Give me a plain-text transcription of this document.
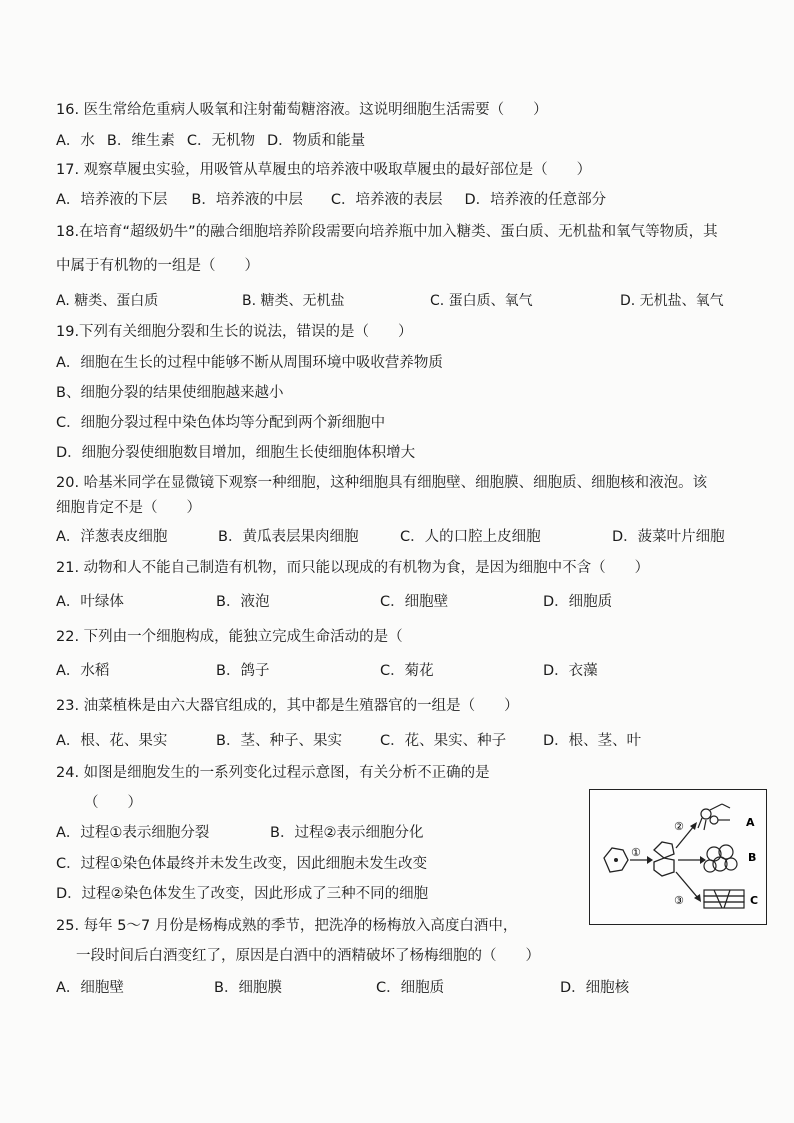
16. 医生常给危重病人吸氧和注射葡萄糖溶液。这说明细胞生活需要（　　）
A．水 B．维生素 C．无机物 D．物质和能量
17. 观察草履虫实验，用吸管从草履虫的培养液中吸取草履虫的最好部位是（　　）
A．培养液的下层 B．培养液的中层 C．培养液的表层 D．培养液的任意部分
18.在培育“超级奶牛”的融合细胞培养阶段需要向培养瓶中加入糖类、蛋白质、无机盐和氧气等物质，其
中属于有机物的一组是（　　）
A. 糖类、蛋白质	B. 糖类、无机盐	C. 蛋白质、氧气	D. 无机盐、氧气
19.下列有关细胞分裂和生长的说法，错误的是（　　）
A．细胞在生长的过程中能够不断从周围环境中吸收营养物质
B、细胞分裂的结果使细胞越来越小
C．细胞分裂过程中染色体均等分配到两个新细胞中
D．细胞分裂使细胞数目增加，细胞生长使细胞体积增大
20. 哈基米同学在显微镜下观察一种细胞，这种细胞具有细胞壁、细胞膜、细胞质、细胞核和液泡。该
细胞肯定不是（　　）
A．洋葱表皮细胞	B．黄瓜表层果肉细胞	C．人的口腔上皮细胞	D．菠菜叶片细胞
21. 动物和人不能自己制造有机物，而只能以现成的有机物为食，是因为细胞中不含（　　）
A．叶绿体	B．液泡	C．细胞壁	D．细胞质
22. 下列由一个细胞构成，能独立完成生命活动的是（
A．水稻	B．鸽子	C．菊花	D．衣藻
23. 油菜植株是由六大器官组成的，其中都是生殖器官的一组是（　　）
A．根、花、果实	B．茎、种子、果实	C．花、果实、种子	D．根、茎、叶
24. 如图是细胞发生的一系列变化过程示意图，有关分析不正确的是
（　　）
A．过程①表示细胞分裂	B．过程②表示细胞分化
C．过程①染色体最终并未发生改变，因此细胞未发生改变
D．过程②染色体发生了改变，因此形成了三种不同的细胞
25. 每年 5～7 月份是杨梅成熟的季节，把洗净的杨梅放入高度白酒中，
一段时间后白酒变红了，原因是白酒中的酒精破坏了杨梅细胞的（　　）
A．细胞壁	B．细胞膜	C．细胞质	D．细胞核
①
②
③
A
B
C
